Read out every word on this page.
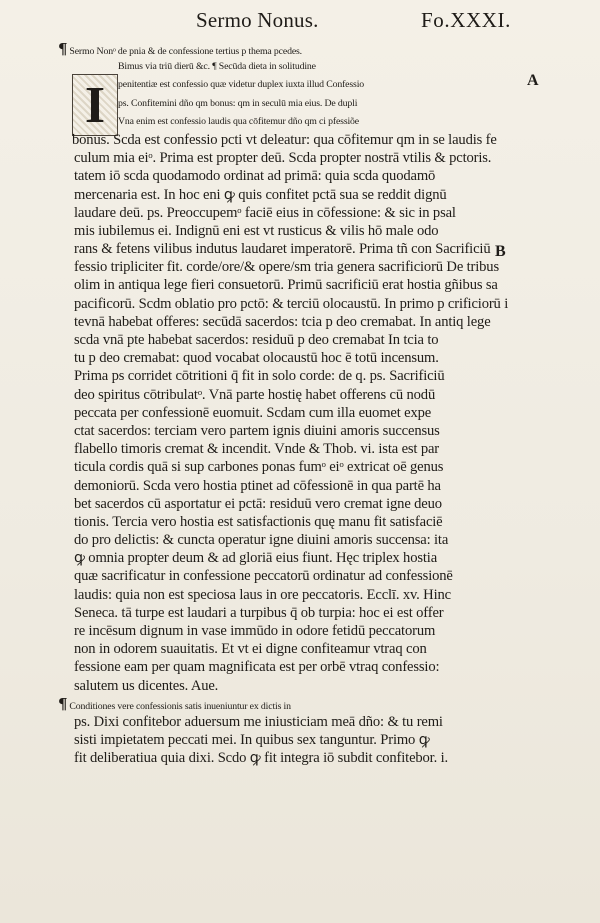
Sermo Nonus.	Fo.XXXI.
I	A
B
¶ Sermo Nonᵒ de pnia & de confessione tertius p thema pcedes.
Bimus via triū dierū &c. ¶ Secūda dieta in solitudine
penitentiæ est confessio quæ videtur duplex iuxta illud Confessio
ps. Confitemini dño qm bonus: qm in seculū mia eius. De dupli
Vna enim est confessio laudis qua cōfitemur dño qm ci pfessiõe
bonus. Scda est confessio pcti vt deleatur: qua cōfitemur qm in se laudis fe
culum mia eiᵒ. Prima est propter deū. Scda propter nostrā vtilis & pctoris.
tatem iō scda quodamodo ordinat ad primā: quia scda quodamō
mercenaria est. In hoc eni ꝙ quis confitet pctā sua se reddit dignū
laudare deū. ps. Preoccupemᵒ faciē eius in cōfessione: & sic in psal
mis iubilemus ei. Indignū eni est vt rusticus & vilis hō male odo
rans & fetens vilibus indutus laudaret imperatorē. Prima tñ con Sacrificiū
fessio tripliciter fit. corde/ore/& opere/sm tria genera sacrificiorū De tribus
olim in antiqua lege fieri consuetorū. Primū sacrificiū erat hostia gñibus sa
pacificorū. Scdm oblatio pro pctō: & terciū olocaustū. In primo p crificiorū i
tevnā habebat offeres: secūdā sacerdos: tcia p deo cremabat. In antiq lege
scda vnā pte habebat sacerdos: residuū p deo cremabat In tcia to
tu p deo cremabat: quod vocabat olocaustū hoc ē totū incensum.
Prima ps corridet cōtritioni q̄ fit in solo corde: de q. ps. Sacrificiū
deo spiritus cōtribulatᵒ. Vnā parte hostię habet offerens cū nodū
peccata per confessionē euomuit. Scdam cum illa euomet expe
ctat sacerdos: terciam vero partem ignis diuini amoris succensus
flabello timoris cremat & incendit. Vnde & Thob. vi. ista est par
ticula cordis quā si sup carbones ponas fumᵒ eiᵒ extricat oē genus
demoniorū. Scda vero hostia ptinet ad cōfessionē in qua partē ha
bet sacerdos cū asportatur ei pctā: residuū vero cremat igne deuo
tionis. Tercia vero hostia est satisfactionis quę manu fit satisfaciē
do pro delictis: & cuncta operatur igne diuini amoris succensa: ita
ꝙ omnia propter deum & ad gloriā eius fiunt. Hęc triplex hostia
quæ sacrificatur in confessione peccatorū ordinatur ad confessionē
laudis: quia non est speciosa laus in ore peccatoris. Ecclī. xv. Hinc
Seneca. tā turpe est laudari a turpibus q̄ ob turpia: hoc ei est offer
re incēsum dignum in vase immūdo in odore fetidū peccatorum
non in odorem suauitatis. Et vt ei digne confiteamur vtraq con
fessione eam per quam magnificata est per orbē vtraq confessio:
salutem us dicentes. Aue.
¶ Conditiones vere confessionis satis inueniuntur ex dictis in
ps. Dixi confitebor aduersum me iniusticiam meā dño: & tu remi
sisti impietatem peccati mei. In quibus sex tanguntur. Primo ꝙ
fit deliberatiua quia dixi. Scdo ꝙ fit integra iō subdit confitebor. i.
